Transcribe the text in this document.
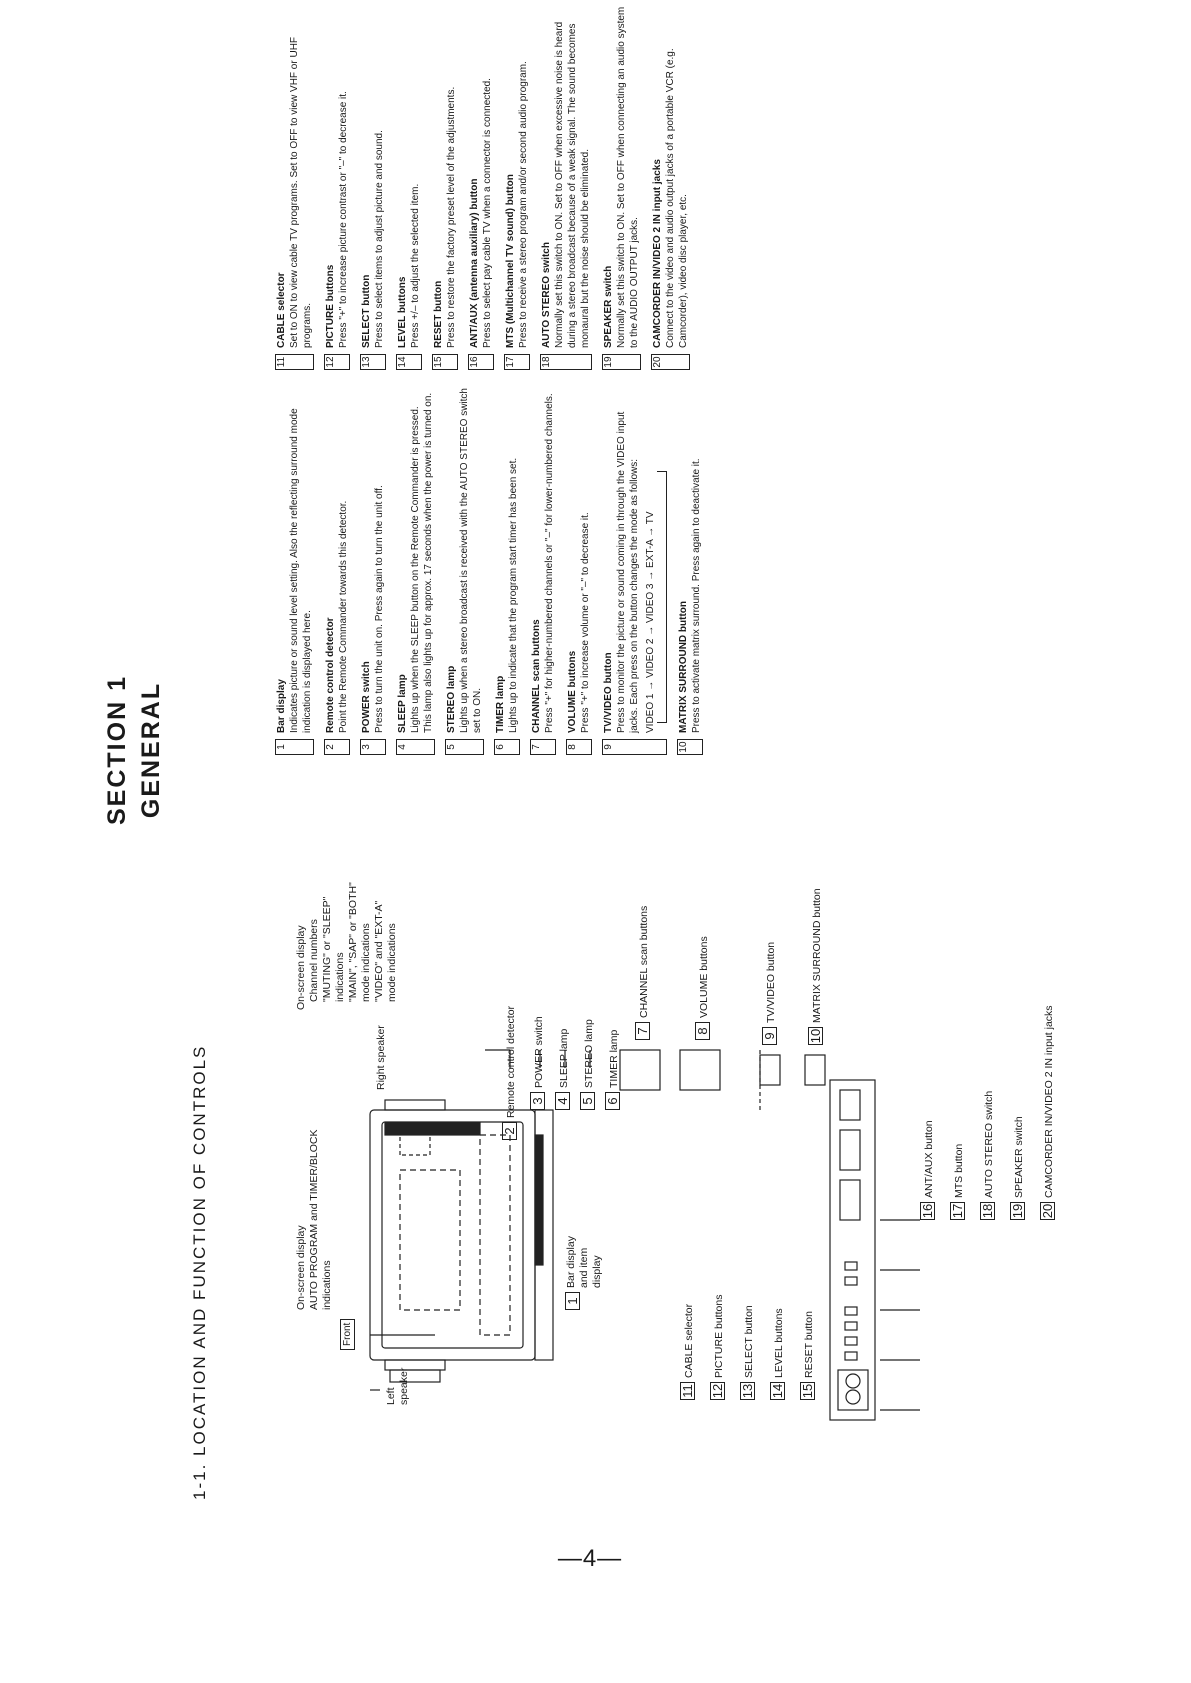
—4—
SECTION 1 GENERAL
1-1. LOCATION AND FUNCTION OF CONTROLS	Front
Left
speaker
Right speaker
On-screen display
AUTO PROGRAM and TIMER/BLOCK
indications
On-screen display Channel numbers "MUTING" or "SLEEP" indications "MAIN", "SAP" or "BOTH" mode indications "VIDEO" and "EXT-A" mode indications
1Bar display
and item
display
2Remote control detector 3POWER switch
4SLEEP lamp
5STEREO lamp
6TIMER lamp 7CHANNEL scan buttons
8VOLUME buttons
9TV/VIDEO button
10MATRIX SURROUND button
11CABLE selector
12PICTURE buttons
13SELECT button
14LEVEL buttons
15RESET button
16ANT/AUX button
17MTS button
18AUTO STEREO switch
19SPEAKER switch
20CAMCORDER IN/VIDEO 2 IN input jacks
1
Bar display Indicates picture or sound level setting. Also the reflecting surround mode indication is displayed here.
2
Remote control detector Point the Remote Commander towards this detector.
3
POWER switch Press to turn the unit on. Press again to turn the unit off.
4
SLEEP lamp Lights up when the SLEEP button on the Remote Commander is pressed. This lamp also lights up for approx. 17 seconds when the power is turned on.
5
STEREO lamp Lights up when a stereo broadcast is received with the AUTO STEREO switch set to ON.
6
TIMER lamp Lights up to indicate that the program start timer has been set.
7
CHANNEL scan buttons Press "+" for higher-numbered channels or "–" for lower-numbered channels.
8
VOLUME buttons Press "+" to increase volume or "–" to decrease it.
9
TV/VIDEO button Press to monitor the picture or sound coming in through the VIDEO input jacks. Each press on the button changes the mode as follows: VIDEO 1 → VIDEO 2 → VIDEO 3 → EXT-A → TV
10
MATRIX SURROUND button Press to activate matrix surround. Press again to deactivate it.
11
CABLE selector Set to ON to view cable TV programs. Set to OFF to view VHF or UHF programs.
12
PICTURE buttons Press "+" to increase picture contrast or "–" to decrease it.
13
SELECT button Press to select items to adjust picture and sound.
14
LEVEL buttons Press +/– to adjust the selected item.
15
RESET button Press to restore the factory preset level of the adjustments.
16
ANT/AUX (antenna auxiliary) button Press to select pay cable TV when a connector is connected.
17
MTS (Multichannel TV sound) button Press to receive a stereo program and/or second audio program.
18
AUTO STEREO switch Normally set this switch to ON. Set to OFF when excessive noise is heard during a stereo broadcast because of a weak signal. The sound becomes monaural but the noise should be eliminated.
19
SPEAKER switch Normally set this switch to ON. Set to OFF when connecting an audio system to the AUDIO OUTPUT jacks.
20
CAMCORDER IN/VIDEO 2 IN input jacks Connect to the video and audio output jacks of a portable VCR (e.g. Camcorder), video disc player, etc.
